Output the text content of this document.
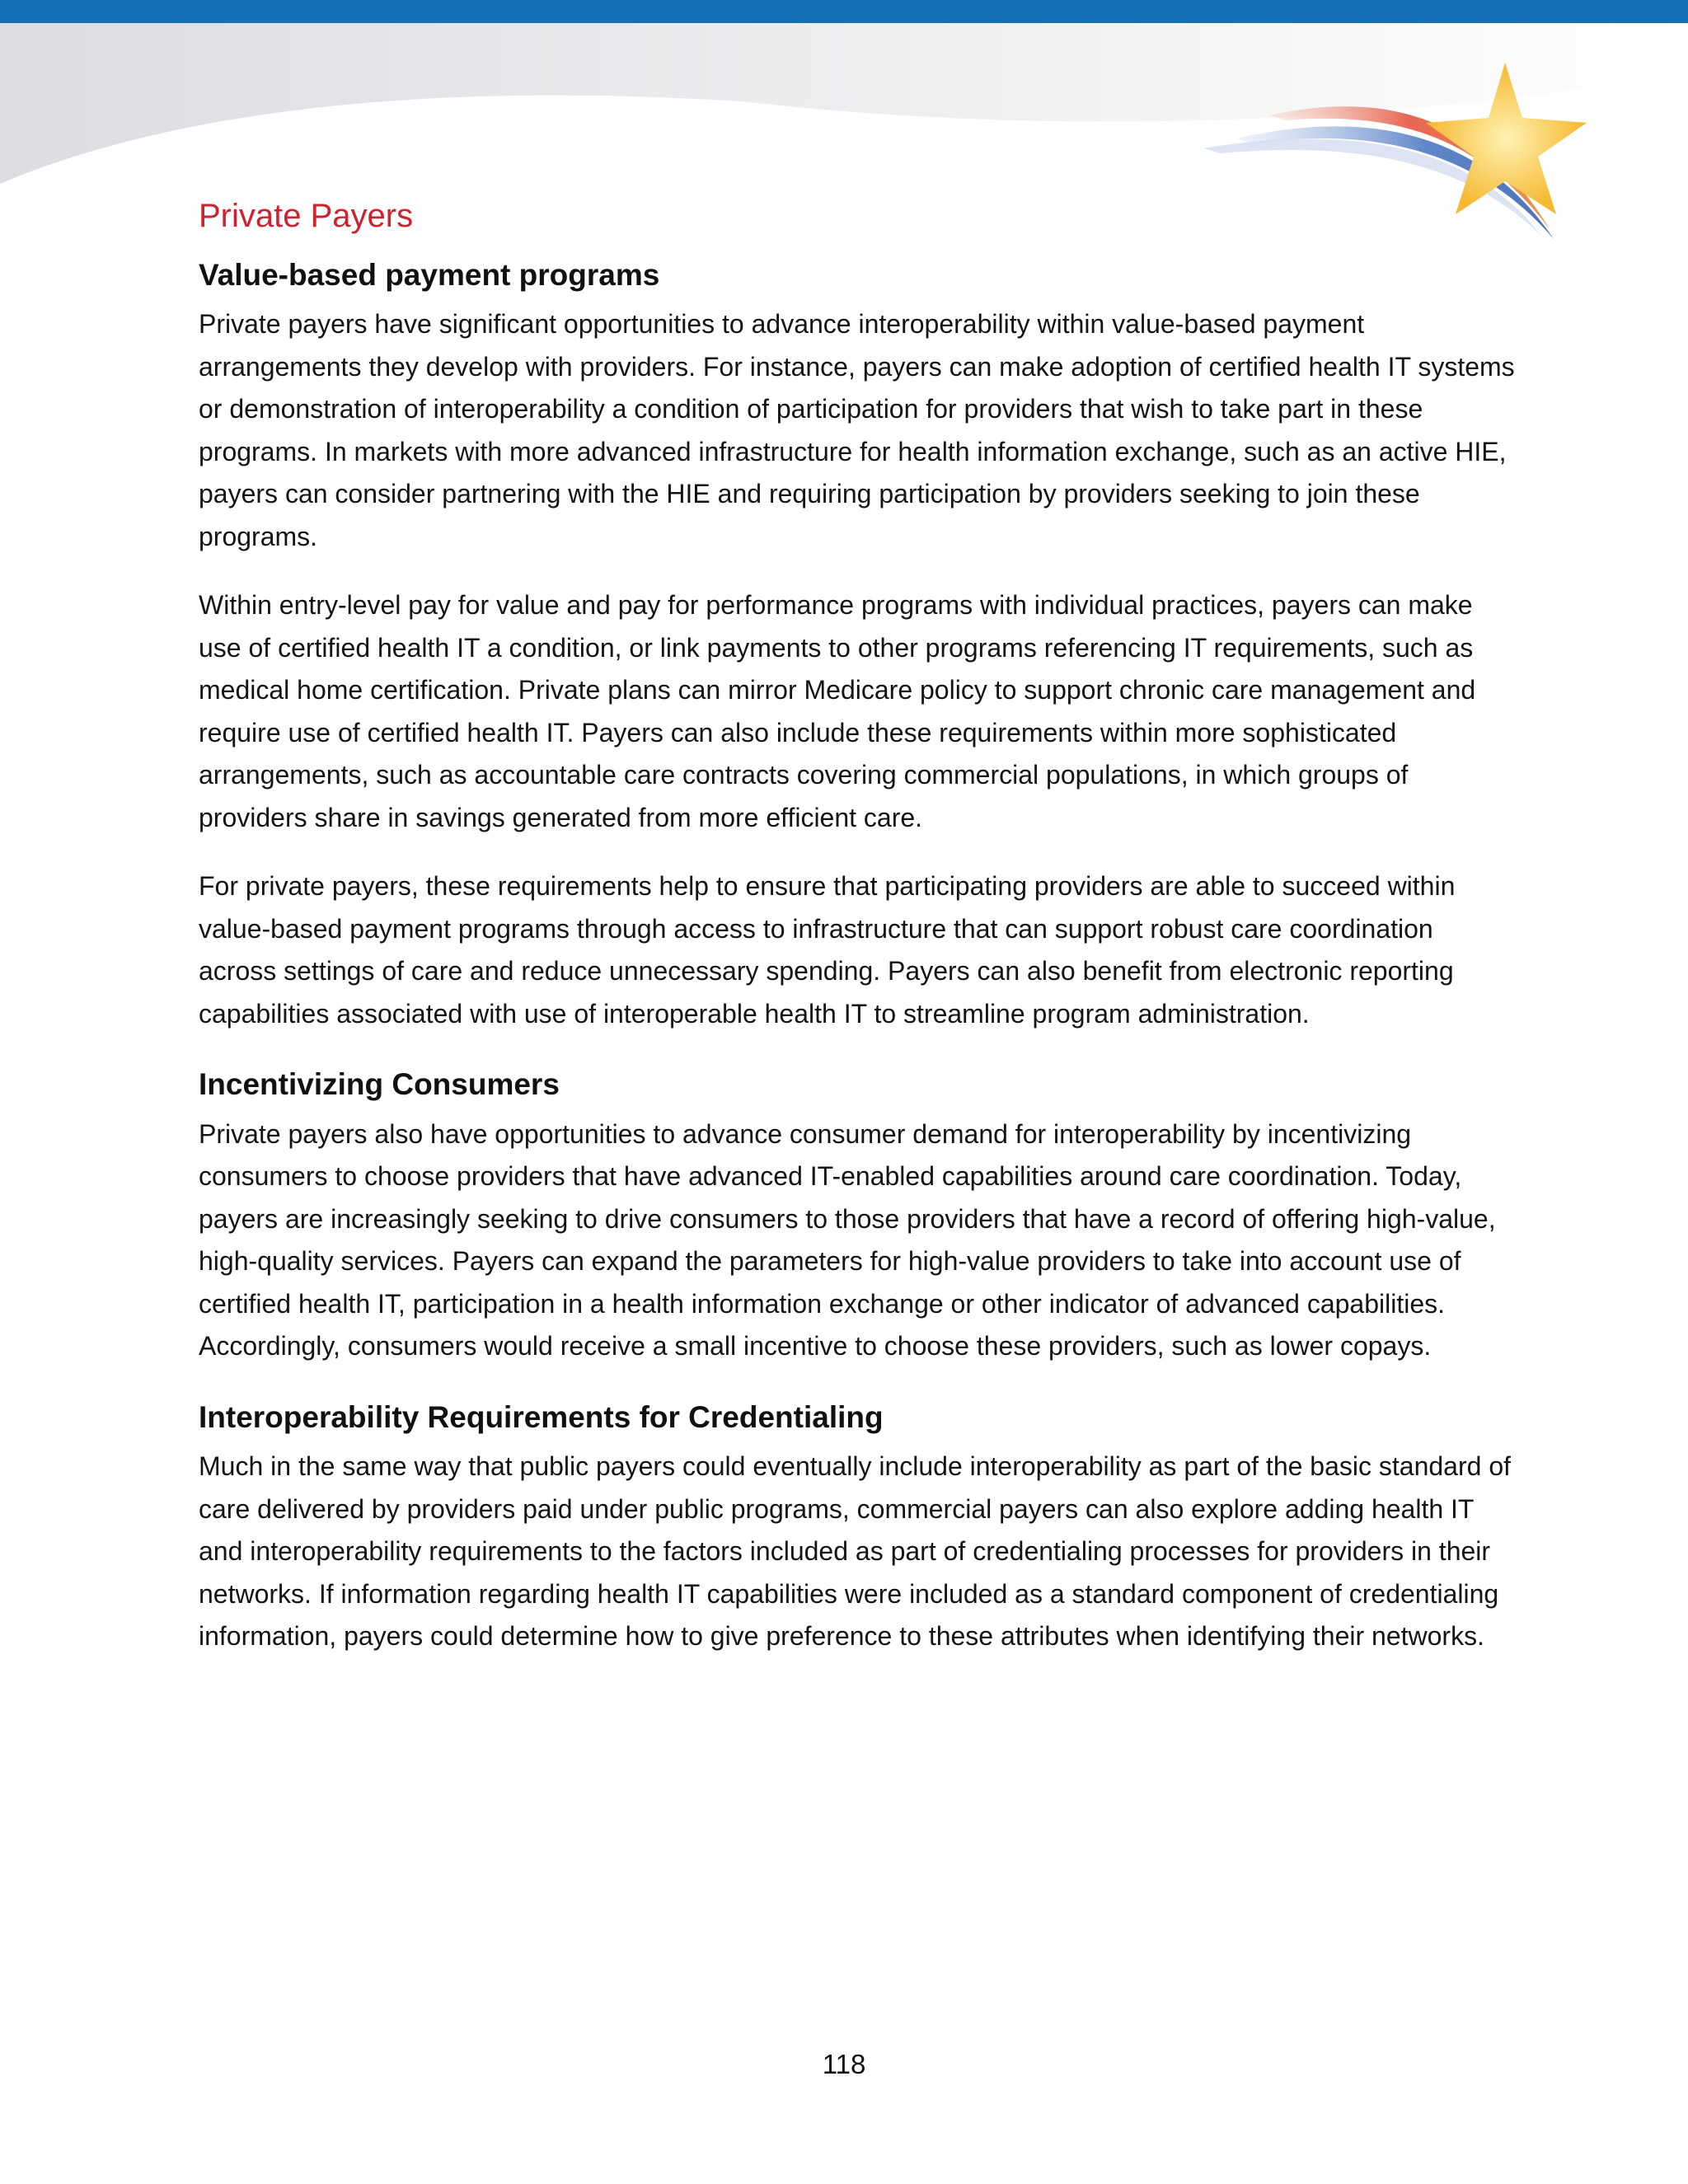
Private Payers
Value-based payment programs

Private payers have significant opportunities to advance interoperability within value-based payment arrangements they develop with providers. For instance, payers can make adoption of certified health IT systems or demonstration of interoperability a condition of participation for providers that wish to take part in these programs. In markets with more advanced infrastructure for health information exchange, such as an active HIE, payers can consider partnering with the HIE and requiring participation by providers seeking to join these programs.

Within entry-level pay for value and pay for performance programs with individual practices, payers can make use of certified health IT a condition, or link payments to other programs referencing IT requirements, such as medical home certification. Private plans can mirror Medicare policy to support chronic care management and require use of certified health IT. Payers can also include these requirements within more sophisticated arrangements, such as accountable care contracts covering commercial populations, in which groups of providers share in savings generated from more efficient care.

For private payers, these requirements help to ensure that participating providers are able to succeed within value-based payment programs through access to infrastructure that can support robust care coordination across settings of care and reduce unnecessary spending. Payers can also benefit from electronic reporting capabilities associated with use of interoperable health IT to streamline program administration.

Incentivizing Consumers

Private payers also have opportunities to advance consumer demand for interoperability by incentivizing consumers to choose providers that have advanced IT-enabled capabilities around care coordination. Today, payers are increasingly seeking to drive consumers to those providers that have a record of offering high-value, high-quality services. Payers can expand the parameters for high-value providers to take into account use of certified health IT, participation in a health information exchange or other indicator of advanced capabilities. Accordingly, consumers would receive a small incentive to choose these providers, such as lower copays.

Interoperability Requirements for Credentialing

Much in the same way that public payers could eventually include interoperability as part of the basic standard of care delivered by providers paid under public programs, commercial payers can also explore adding health IT and interoperability requirements to the factors included as part of credentialing processes for providers in their networks. If information regarding health IT capabilities were included as a standard component of credentialing information, payers could determine how to give preference to these attributes when identifying their networks.

118
